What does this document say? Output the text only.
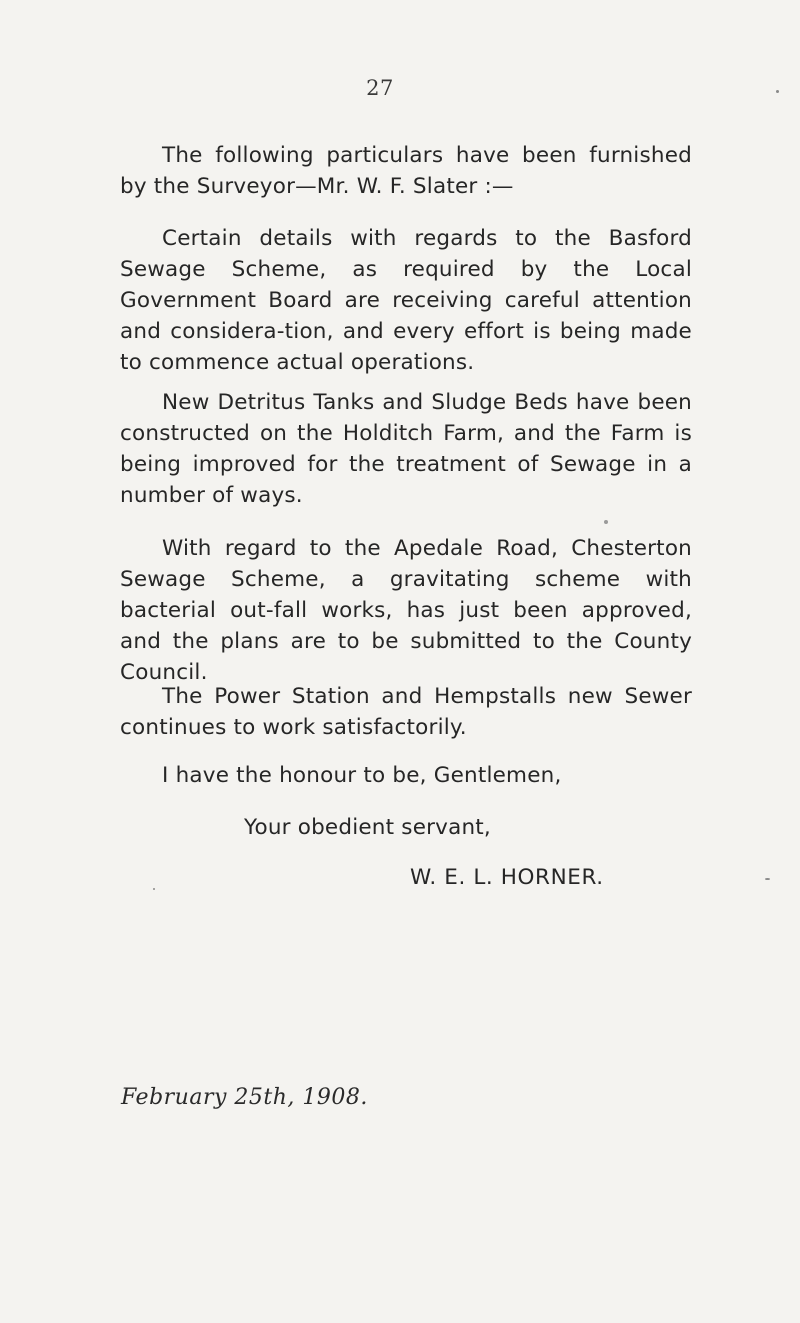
27

The following particulars have been furnished by the Surveyor—Mr. W. F. Slater :—

Certain details with regards to the Basford Sewage Scheme, as required by the Local Government Board are receiving careful attention and considera-tion, and every effort is being made to commence actual operations.

New Detritus Tanks and Sludge Beds have been constructed on the Holditch Farm, and the Farm is being improved for the treatment of Sewage in a number of ways.

With regard to the Apedale Road, Chesterton Sewage Scheme, a gravitating scheme with bacterial out-fall works, has just been approved, and the plans are to be submitted to the County Council.

The Power Station and Hempstalls new Sewer continues to work satisfactorily.

I have the honour to be, Gentlemen,
Your obedient servant,
W. E. L. HORNER.
February 25th, 1908.
